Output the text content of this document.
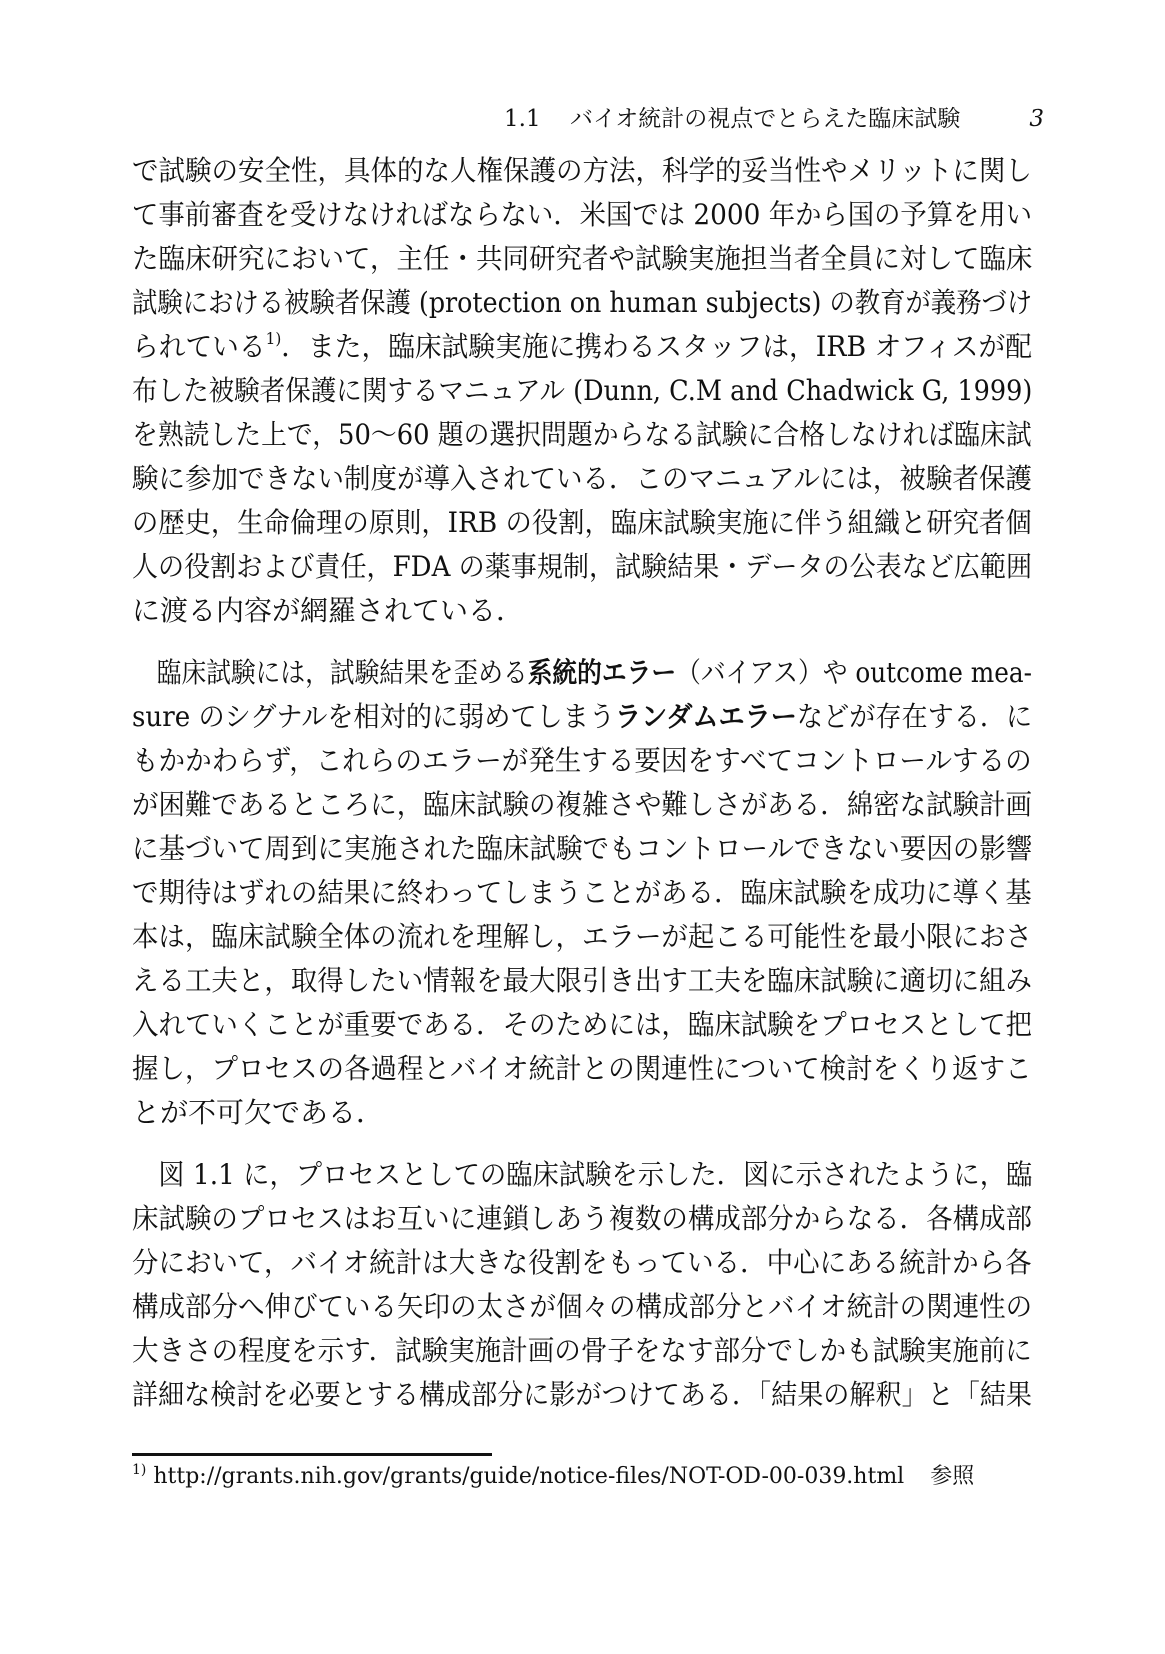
1.1 バイオ統計の視点でとらえた臨床試験	3
で試験の安全性，具体的な人権保護の方法，科学的妥当性やメリットに関し
て事前審査を受けなければならない．米国では 2000 年から国の予算を用い
た臨床研究において，主任・共同研究者や試験実施担当者全員に対して臨床
試験における被験者保護 (protection on human subjects) の教育が義務づけ
られている$^{1)}$．また，臨床試験実施に携わるスタッフは，IRB オフィスが配
布した被験者保護に関するマニュアル (Dunn, C.M and Chadwick G, 1999)
を熟読した上で，50～60 題の選択問題からなる試験に合格しなければ臨床試
験に参加できない制度が導入されている．このマニュアルには，被験者保護
の歴史，生命倫理の原則，IRB の役割，臨床試験実施に伴う組織と研究者個
人の役割および責任，FDA の薬事規制，試験結果・データの公表など広範囲
に渡る内容が網羅されている．
臨床試験には，試験結果を歪める系統的エラー（バイアス）や outcome mea-
sure のシグナルを相対的に弱めてしまうランダムエラーなどが存在する．に
もかかわらず，これらのエラーが発生する要因をすべてコントロールするの
が困難であるところに，臨床試験の複雑さや難しさがある．綿密な試験計画
に基づいて周到に実施された臨床試験でもコントロールできない要因の影響
で期待はずれの結果に終わってしまうことがある．臨床試験を成功に導く基
本は，臨床試験全体の流れを理解し，エラーが起こる可能性を最小限におさ
える工夫と，取得したい情報を最大限引き出す工夫を臨床試験に適切に組み
入れていくことが重要である．そのためには，臨床試験をプロセスとして把
握し，プロセスの各過程とバイオ統計との関連性について検討をくり返すこ
とが不可欠である．
図 1.1 に，プロセスとしての臨床試験を示した．図に示されたように，臨
床試験のプロセスはお互いに連鎖しあう複数の構成部分からなる．各構成部
分において，バイオ統計は大きな役割をもっている．中心にある統計から各
構成部分へ伸びている矢印の太さが個々の構成部分とバイオ統計の関連性の
大きさの程度を示す．試験実施計画の骨子をなす部分でしかも試験実施前に
詳細な検討を必要とする構成部分に影がつけてある．「結果の解釈」と「結果
$^{1)}$ http://grants.nih.gov/grants/guide/notice-files/NOT-OD-00-039.html 参照
